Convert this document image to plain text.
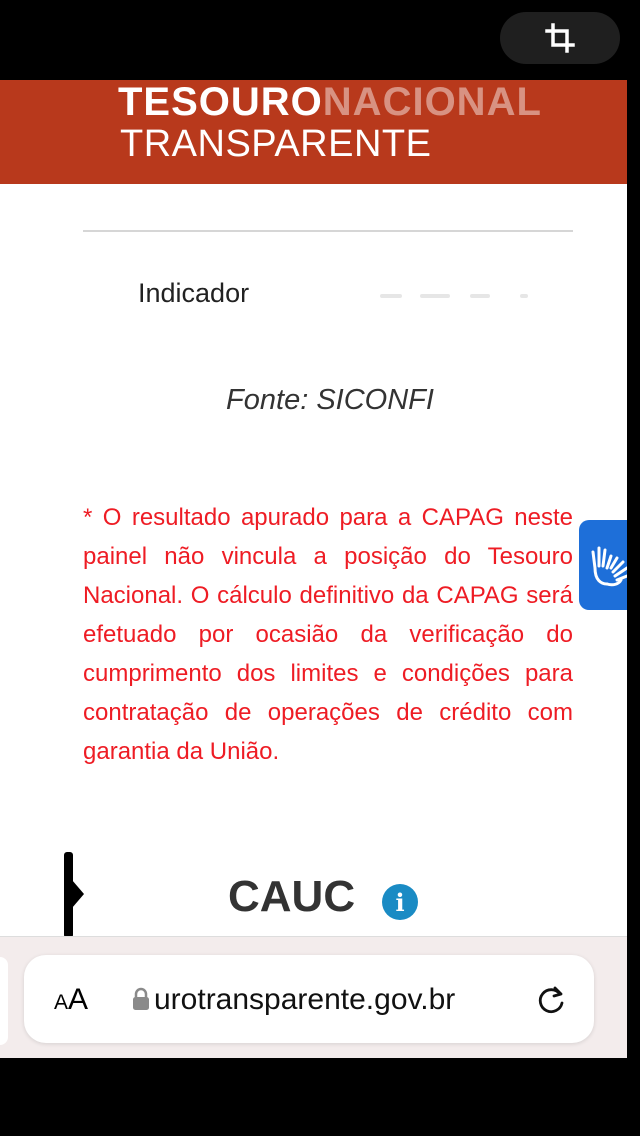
TESOURONACIONAL
TRANSPARENTE
Indicador
Fonte: SICONFI
* O resultado apurado para a CAPAG neste painel não vincula a posição do Tesouro Nacional. O cálculo definitivo da CAPAG será efetuado por ocasião da verificação do cumprimento dos limites e condições para contratação de operações de crédito com garantia da União.
CAUC	i
AA urotransparente.gov.br
